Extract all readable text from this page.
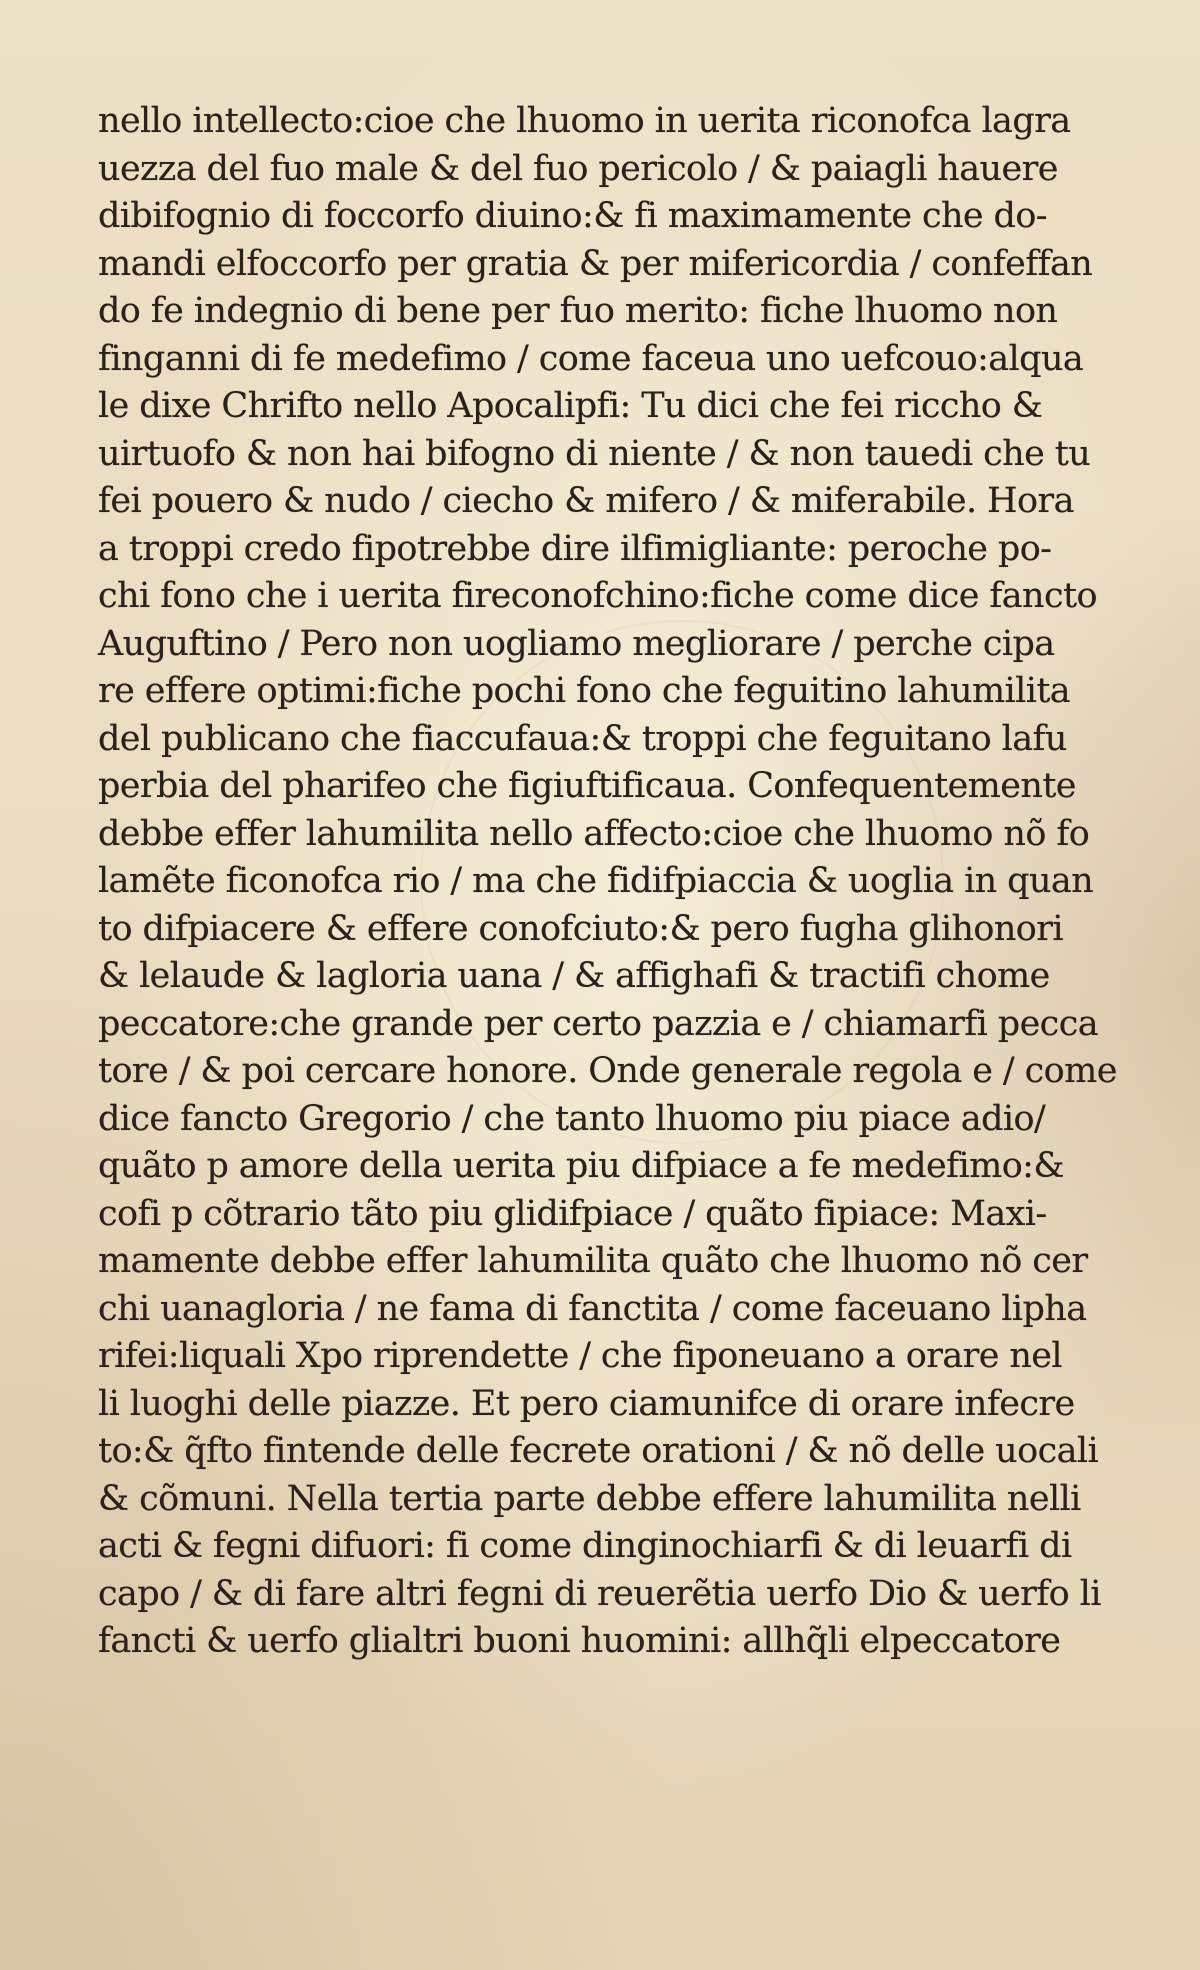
nello intellecto:cioe che lhuomo in uerita riconofca lagra
uezza del fuo male & del fuo pericolo / & paiagli hauere
dibifognio di foccorfo diuino:& fi maximamente che do-
mandi elfoccorfo per gratia & per mifericordia / confeffan
do fe indegnio di bene per fuo merito: fiche lhuomo non
finganni di fe medefimo / come faceua uno uefcouo:alqua
le dixe Chrifto nello Apocalipfi: Tu dici che fei riccho &
uirtuofo & non hai bifogno di niente / & non tauedi che tu
fei pouero & nudo / ciecho & mifero / & miferabile. Hora
a troppi credo fipotrebbe dire ilfimigliante: peroche po-
chi fono che i uerita fireconofchino:fiche come dice fancto
Auguftino / Pero non uogliamo megliorare / perche cipa
re effere optimi:fiche pochi fono che feguitino lahumilita
del publicano che fiaccufaua:& troppi che feguitano lafu
perbia del pharifeo che figiuftificaua. Confequentemente
debbe effer lahumilita nello affecto:cioe che lhuomo nõ fo
lamẽte ficonofca rio / ma che fidifpiaccia & uoglia in quan
to difpiacere & effere conofciuto:& pero fugha glihonori
& lelaude & lagloria uana / & affighafi & tractifi chome
peccatore:che grande per certo pazzia e / chiamarfi pecca
tore / & poi cercare honore. Onde generale regola e / come
dice fancto Gregorio / che tanto lhuomo piu piace adio/
quãto p amore della uerita piu difpiace a fe medefimo:&
cofi p cõtrario tãto piu glidifpiace / quãto fipiace: Maxi-
mamente debbe effer lahumilita quãto che lhuomo nõ cer
chi uanagloria / ne fama di fanctita / come faceuano lipha
rifei:liquali Xpo riprendette / che fiponeuano a orare nel
li luoghi delle piazze. Et pero ciamunifce di orare infecre
to:& q̃fto fintende delle fecrete orationi / & nõ delle uocali
& cõmuni. Nella tertia parte debbe effere lahumilita nelli
acti & fegni difuori: fi come dinginochiarfi & di leuarfi di
capo / & di fare altri fegni di reuerẽtia uerfo Dio & uerfo li
fancti & uerfo glialtri buoni huomini: allhq̃li elpeccatore
